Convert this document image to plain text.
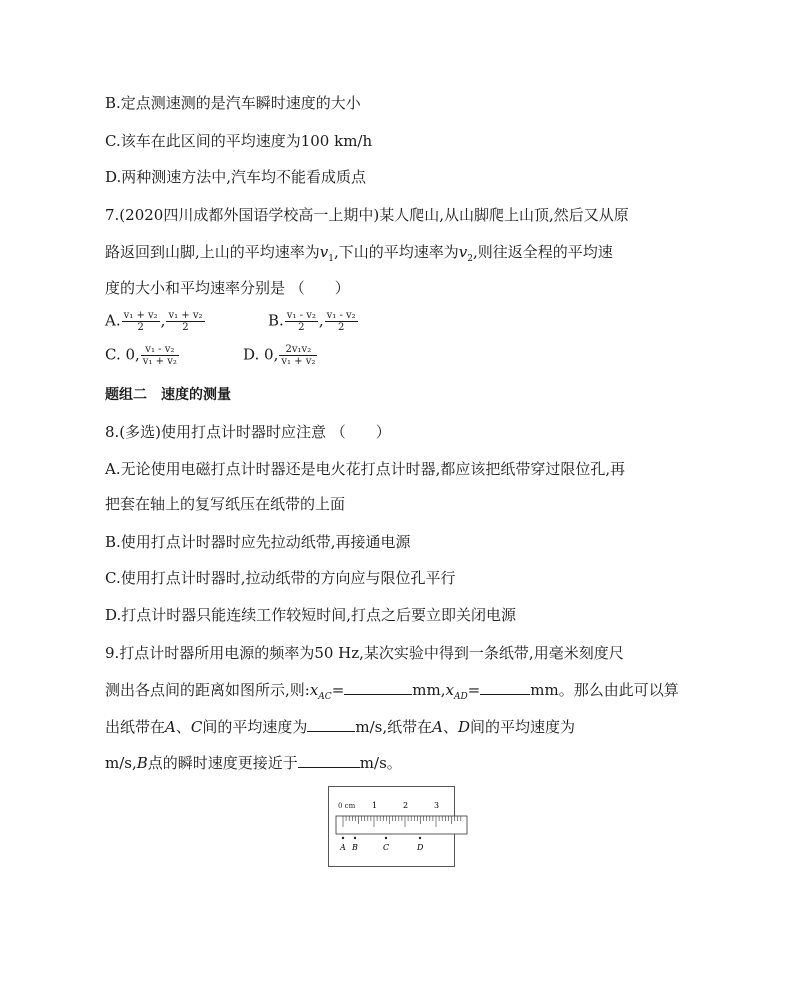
B.定点测速测的是汽车瞬时速度的大小
C.该车在此区间的平均速度为100 km/h
D.两种测速方法中,汽车均不能看成质点
7.(2020四川成都外国语学校高一上期中)某人爬山,从山脚爬上山顶,然后又从原
路返回到山脚,上山的平均速率为$v_1$,下山的平均速率为$v_2$,则往返全程的平均速
度的大小和平均速率分别是 （　　）
A. $\frac{\text{v₁ + v₂}}{2}$ , $\frac{\text{v₁ + v₂}}{2}$	B. $\frac{\text{v₁ - v₂}}{2}$ , $\frac{\text{v₁ - v₂}}{2}$
C. 0, $\frac{\text{v₁ - v₂}}{\text{v₁ + v₂}}$	D. 0, $\frac{\text{2v₁v₂}}{\text{v₁ + v₂}}$
题组二　速度的测量
8.(多选)使用打点计时器时应注意 （　　）
A.无论使用电磁打点计时器还是电火花打点计时器,都应该把纸带穿过限位孔,再
把套在轴上的复写纸压在纸带的上面
B.使用打点计时器时应先拉动纸带,再接通电源
C.使用打点计时器时,拉动纸带的方向应与限位孔平行
D.打点计时器只能连续工作较短时间,打点之后要立即关闭电源
9.打点计时器所用电源的频率为50 Hz,某次实验中得到一条纸带,用毫米刻度尺
测出各点间的距离如图所示,则$:x_{AC}=$	$mm,x_{AD}=$	mm。那么由此可以算
出纸带在A、C间的平均速度为	m/s,纸带在A、D间的平均速度为
m/s,B点的瞬时速度更接近于	m/s。
0 cm 1	2	3
A B	C	D
